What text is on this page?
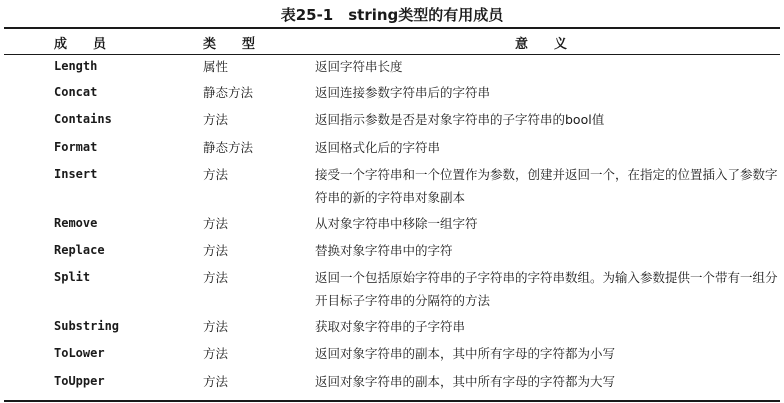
表25-1　string类型的有用成员
成　　员	类　　型	意　　义
Length	属性	返回字符串长度
Concat	静态方法	返回连接参数字符串后的字符串
Contains	方法	返回指示参数是否是对象字符串的子字符串的bool值
Format	静态方法	返回格式化后的字符串
Insert	方法	接受一个字符串和一个位置作为参数，创建并返回一个，在指定的位置插入了参数字符串的新的字符串对象副本
Remove	方法	从对象字符串中移除一组字符
Replace	方法	替换对象字符串中的字符
Split	方法	返回一个包括原始字符串的子字符串的字符串数组。为输入参数提供一个带有一组分开目标子字符串的分隔符的方法
Substring	方法	获取对象字符串的子字符串
ToLower	方法	返回对象字符串的副本，其中所有字母的字符都为小写
ToUpper	方法	返回对象字符串的副本，其中所有字母的字符都为大写
